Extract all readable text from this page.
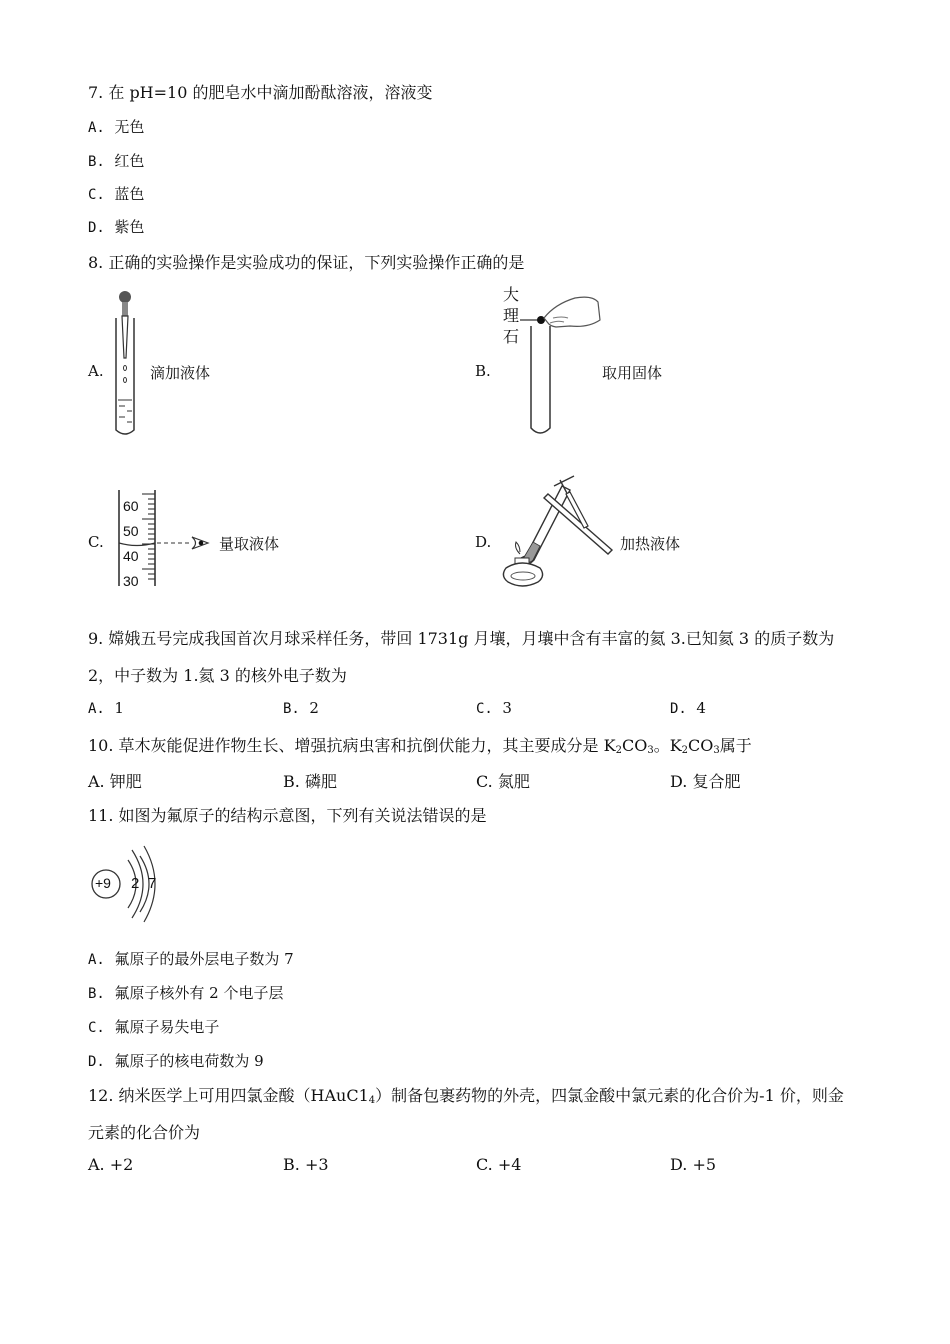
7. 在 pH=10 的肥皂水中滴加酚酞溶液，溶液变
A. 无色
B. 红色
C. 蓝色
D. 紫色
8. 正确的实验操作是实验成功的保证，下列实验操作正确的是
A.	滴加液体	B.
大
理
石
取用固体
C.
60
50
40
30
量取液体	D.	加热液体
9. 嫦娥五号完成我国首次月球采样任务，带回 1731g 月壤，月壤中含有丰富的氦 3.已知氦 3 的质子数为
2，中子数为 1.氦 3 的核外电子数为
A. 1	B. 2	C. 3	D. 4
10. 草木灰能促进作物生长、增强抗病虫害和抗倒伏能力，其主要成分是 $K_2CO_3$。$K_2CO_3$属于
A. 钾肥	B. 磷肥	C. 氮肥	D. 复合肥
11. 如图为氟原子的结构示意图，下列有关说法错误的是
+9 2 7
A. 氟原子的最外层电子数为 7
B. 氟原子核外有 2 个电子层
C. 氟原子易失电子
D. 氟原子的核电荷数为 9
12. 纳米医学上可用四氯金酸$(HAuC1_4)$制备包裹药物的外壳，四氯金酸中氯元素的化合价为-1 价，则金
元素的化合价为
A. +2	B. +3	C. +4	D. +5
